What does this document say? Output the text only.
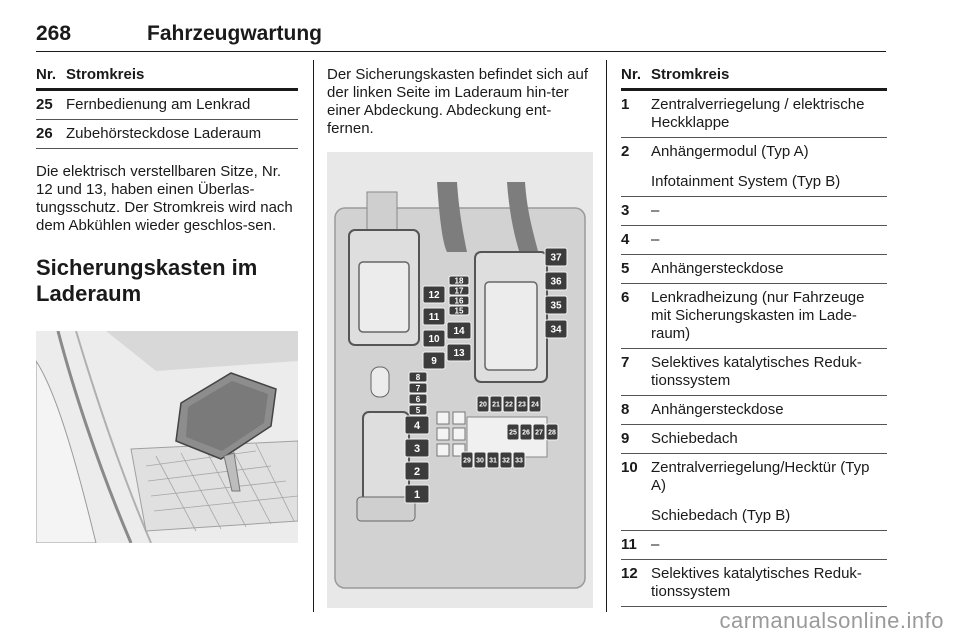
268	Fahrzeugwartung
Nr. Stromkreis
25 Fernbedienung am Lenkrad
26 Zubehörsteckdose Laderaum

Die elektrisch verstellbaren Sitze, Nr. 12 und 13, haben einen Überlas-tungsschutz. Der Stromkreis wird nach dem Abkühlen wieder geschlos-sen.

Sicherungskasten im Laderaum

Der Sicherungskasten befindet sich auf der linken Seite im Laderaum hin-ter einer Abdeckung. Abdeckung ent-fernen.

8
7
6
5
4
3
2
1
12
11
10
9
18
17
16
15
14
13
37
36
35
34
20 21 22 23 24
25 26 27 28
29 30 31 32 33
Nr. Stromkreis
1	Zentralverriegelung / elektrische Heckklappe
2	Anhängermodul (Typ A)
Infotainment System (Typ B)
3	–
4	–
5	Anhängersteckdose
6	Lenkradheizung (nur Fahrzeuge mit Sicherungskasten im Lade-raum)
7	Selektives katalytisches Reduk-tionssystem
8	Anhängersteckdose
9	Schiebedach
10 Zentralverriegelung/Hecktür (Typ A)
Schiebedach (Typ B)
11 –
12 Selektives katalytisches Reduk-tionssystem
carmanualsonline.info
